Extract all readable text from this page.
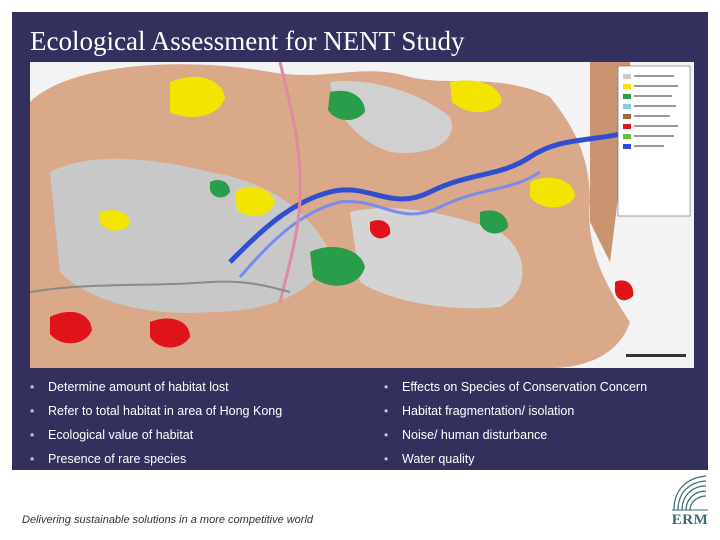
Ecological Assessment for NENT Study
• Determine amount of habitat lost
• Refer to total habitat in area of Hong Kong
• Ecological value of habitat
• Presence of rare species
• Effects on Species of Conservation Concern
• Habitat fragmentation/ isolation
• Noise/ human disturbance
• Water quality
Delivering sustainable solutions in a more competitive world	ERM
